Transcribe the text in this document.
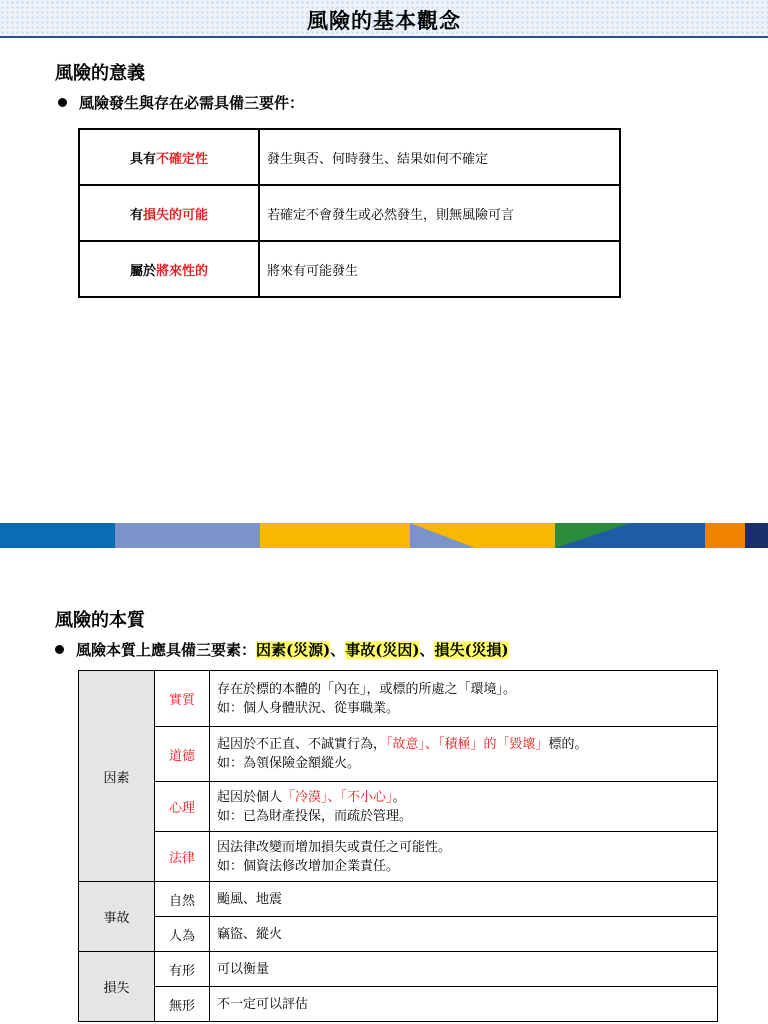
風險的基本觀念
風險的意義
風險發生與存在必需具備三要件：
具有不確定性	發生與否、何時發生、結果如何不確定
有損失的可能	若確定不會發生或必然發生，則無風險可言
屬於將來性的	將來有可能發生
風險的本質
風險本質上應具備三要素：因素(災源)、事故(災因)、損失(災損)
因素	實質	存在於標的本體的「內在」，或標的所處之「環境」。
如：個人身體狀況、從事職業。

	道德	起因於不正直、不誠實行為，「故意」、「積極」的「毀壞」標的。
如：為領保險金額縱火。

	心理	起因於個人「冷漠」、「不小心」。
如：已為財產投保，而疏於管理。

	法律	因法律改變而增加損失或責任之可能性。
如：個資法修改增加企業責任。

事故	自然	颱風、地震
	人為	竊盜、縱火
損失	有形	可以衡量
	無形	不一定可以評估
